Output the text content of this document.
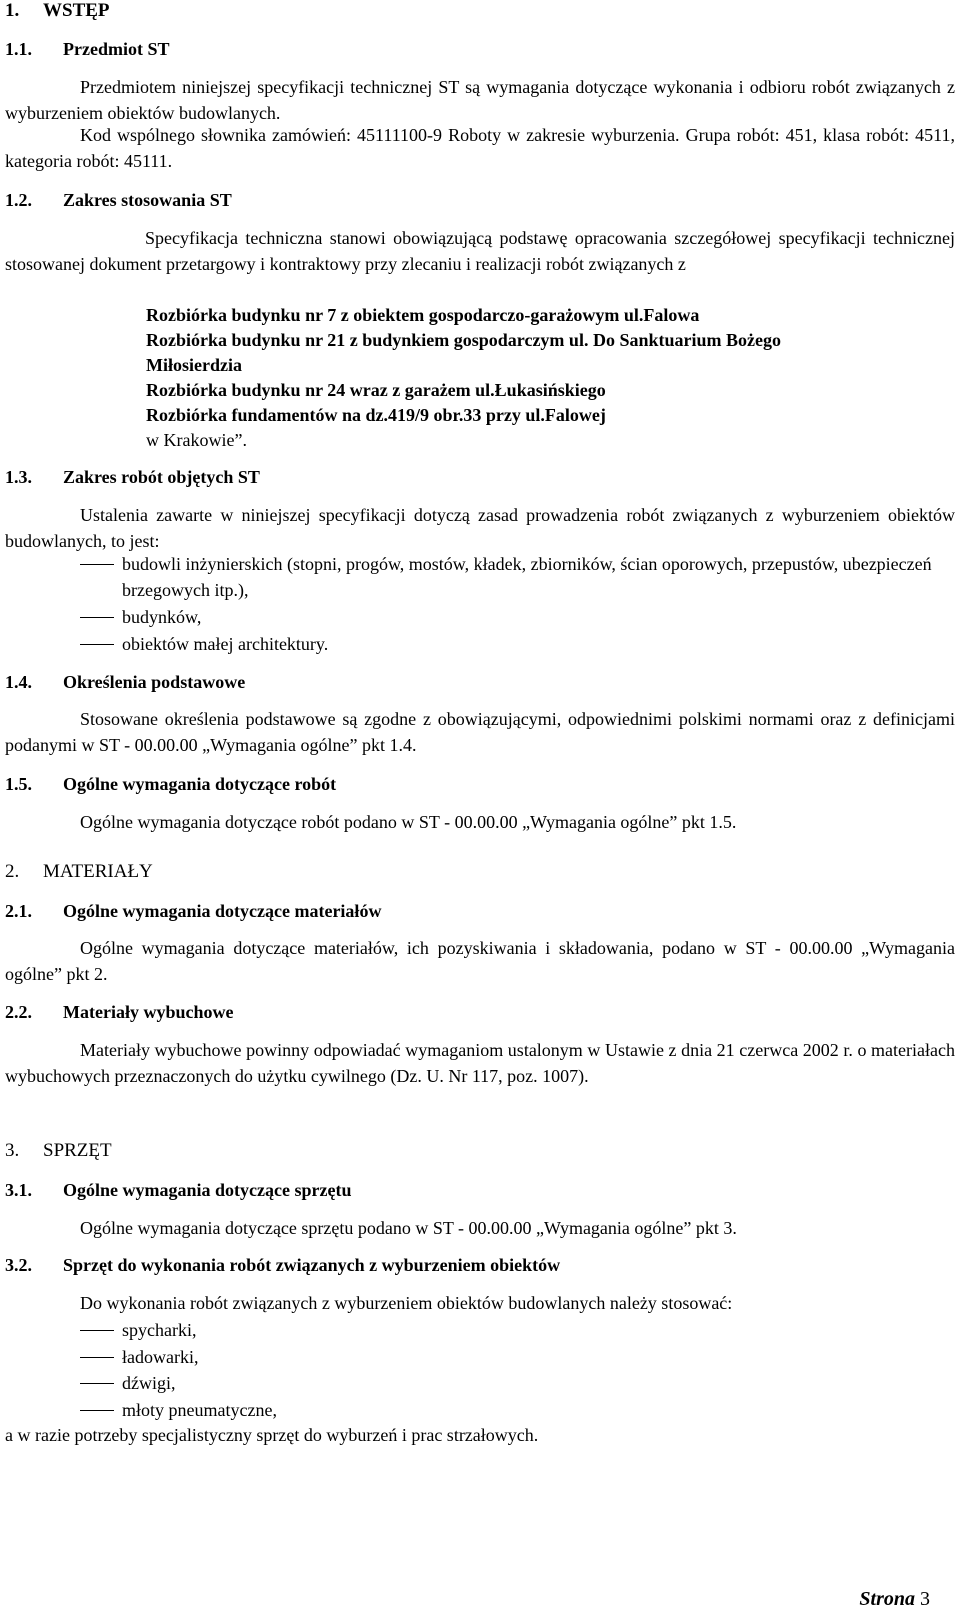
1. WSTĘP
1.1. Przedmiot ST
Przedmiotem niniejszej specyfikacji technicznej ST są wymagania dotyczące wykonania i odbioru robót związanych z wyburzeniem obiektów budowlanych.
Kod wspólnego słownika zamówień: 45111100-9 Roboty w zakresie wyburzenia. Grupa robót: 451, klasa robót: 4511, kategoria robót: 45111.
1.2. Zakres stosowania ST
Specyfikacja techniczna stanowi obowiązującą podstawę opracowania szczegółowej specyfikacji technicznej stosowanej dokument przetargowy i kontraktowy przy zlecaniu i realizacji robót związanych z
Rozbiórka budynku nr 7 z obiektem gospodarczo-garażowym ul.Falowa
Rozbiórka budynku nr 21 z budynkiem gospodarczym ul. Do Sanktuarium Bożego
Miłosierdzia
Rozbiórka budynku nr 24 wraz z garażem ul.Łukasińskiego
Rozbiórka fundamentów na dz.419/9 obr.33 przy ul.Falowej
w Krakowie”.
1.3. Zakres robót objętych ST
Ustalenia zawarte w niniejszej specyfikacji dotyczą zasad prowadzenia robót związanych z wyburzeniem obiektów budowlanych, to jest:
budowli inżynierskich (stopni, progów, mostów, kładek, zbiorników, ścian oporowych, przepustów, ubezpieczeń brzegowych itp.),
budynków,
obiektów małej architektury.
1.4. Określenia podstawowe
Stosowane określenia podstawowe są zgodne z obowiązującymi, odpowiednimi polskimi normami oraz z definicjami podanymi w ST - 00.00.00 „Wymagania ogólne” pkt 1.4.
1.5. Ogólne wymagania dotyczące robót
Ogólne wymagania dotyczące robót podano w ST - 00.00.00 „Wymagania ogólne” pkt 1.5.
2. MATERIAŁY
2.1. Ogólne wymagania dotyczące materiałów
Ogólne wymagania dotyczące materiałów, ich pozyskiwania i składowania, podano w ST - 00.00.00 „Wymagania ogólne” pkt 2.
2.2. Materiały wybuchowe
Materiały wybuchowe powinny odpowiadać wymaganiom ustalonym w Ustawie z dnia 21 czerwca 2002 r. o materiałach wybuchowych przeznaczonych do użytku cywilnego (Dz. U. Nr 117, poz. 1007).
3. SPRZĘT
3.1. Ogólne wymagania dotyczące sprzętu
Ogólne wymagania dotyczące sprzętu podano w ST - 00.00.00 „Wymagania ogólne” pkt 3.
3.2. Sprzęt do wykonania robót związanych z wyburzeniem obiektów
Do wykonania robót związanych z wyburzeniem obiektów budowlanych należy stosować:
spycharki,
ładowarki,
dźwigi,
młoty pneumatyczne,
a w razie potrzeby specjalistyczny sprzęt do wyburzeń i prac strzałowych.
Strona 3
